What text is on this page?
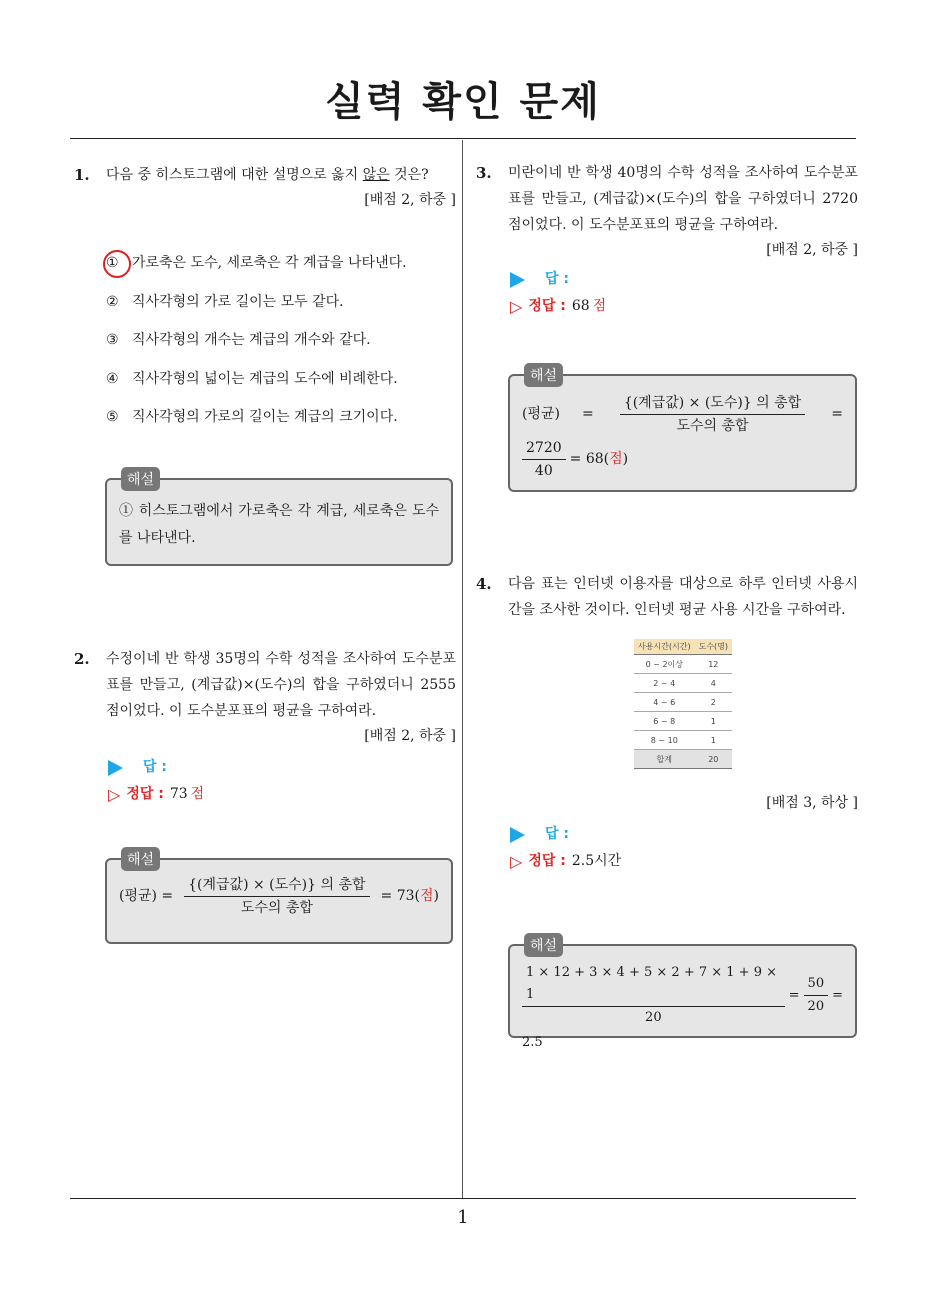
실력 확인 문제
1
1.	다음 중 히스토그램에 대한 설명으로 옳지 않은 것은?
[배점 2, 하중 ]
① 가로축은 도수, 세로축은 각 계급을 나타낸다.
② 직사각형의 가로 길이는 모두 같다.
③ 직사각형의 개수는 계급의 개수와 같다.
④ 직사각형의 넓이는 계급의 도수에 비례한다.
⑤ 직사각형의 가로의 길이는 계급의 크기이다.
해설
① 히스토그램에서 가로축은 각 계급, 세로축은 도수를 나타낸다.
2.	수정이네 반 학생 35명의 수학 성적을 조사하여 도수분포표를 만들고, (계급값)×(도수)의 합을 구하였더니 2555점이었다. 이 도수분포표의 평균을 구하여라.
[배점 2, 하중 ]
답 :
▷ 정답 : 73 점
해설
(평균) = $\frac{\text{\{(계급값) × (도수)\} 의 총합}}{\text{도수의 총합}} = 73$(점)
3.	미란이네 반 학생 40명의 수학 성적을 조사하여 도수분포표를 만들고, (계급값)×(도수)의 합을 구하였더니 2720점이었다. 이 도수분포표의 평균을 구하여라.
[배점 2, 하중 ]
답 :
▷ 정답 : 68 점
해설
(평균) = $\frac{\text{\{(계급값) × (도수)\} 의 총합}}{\text{도수의 총합}}$ =
$\frac{2720}{40} = 68$(점)
4.	다음 표는 인터넷 이용자를 대상으로 하루 인터넷 사용시간을 조사한 것이다. 인터넷 평균 사용 시간을 구하여라.
사용시간(시간)	도수(명)
0 ~ 2이상	12
2 ~ 4	4
4 ~ 6	2
6 ~ 8	1
8 ~ 10	1
합계	20
[배점 3, 하상 ]
답 :
▷ 정답 : 2.5시간
해설
$\frac{1 \times 12 + 3 \times 4 + 5 \times 2 + 7 \times 1 + 9 \times 1}{20} = \frac{50}{20}$ =
2.5
